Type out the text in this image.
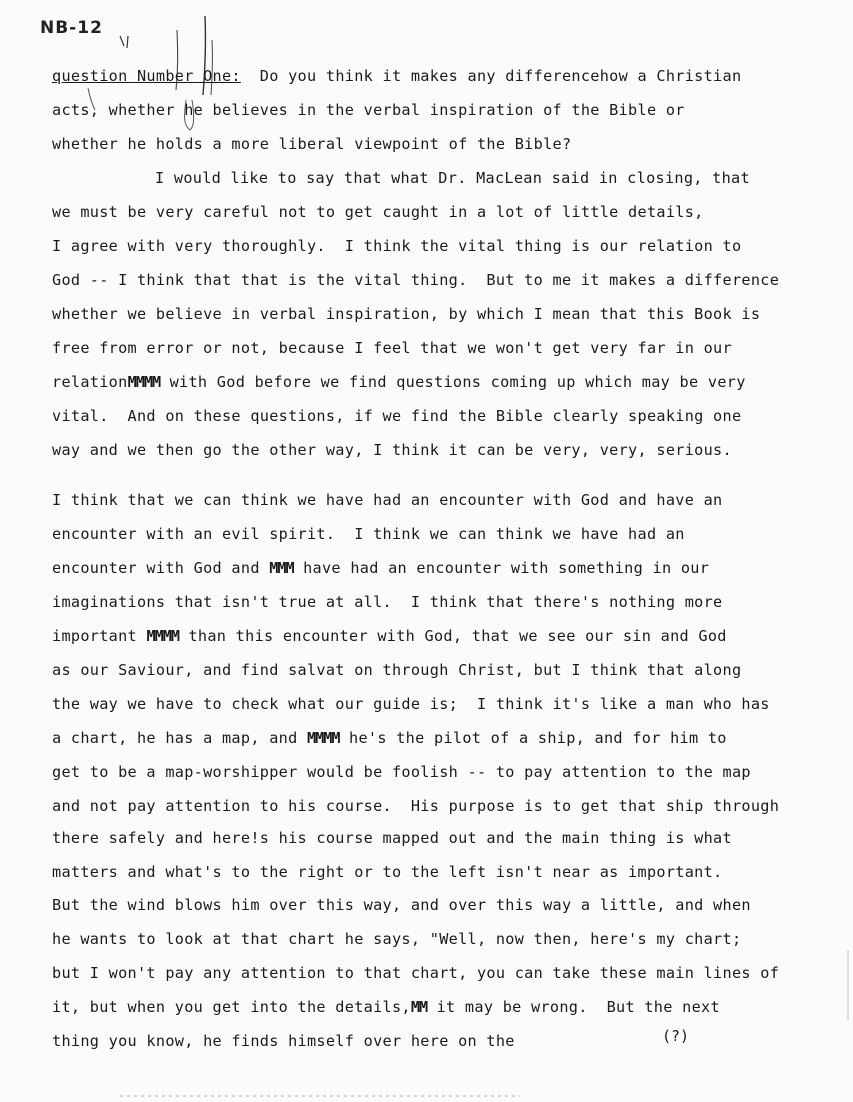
NB-12
question Number One: Do you think it makes any differencehow a Christian
acts, whether he believes in the verbal inspiration of the Bible or
whether he holds a more liberal viewpoint of the Bible?
I would like to say that what Dr. MacLean said in closing, that
we must be very careful not to get caught in a lot of little details,
I agree with very thoroughly.  I think the vital thing is our relation to
God -- I think that that is the vital thing.  But to me it makes a difference
whether we believe in verbal inspiration, by which I mean that this Book is
free from error or not, because I feel that we won't get very far in our
relationMMMM with God before we find questions coming up which may be very
vital.  And on these questions, if we find the Bible clearly speaking one
way and we then go the other way, I think it can be very, very, serious.
I think that we can think we have had an encounter with God and have an
encounter with an evil spirit.  I think we can think we have had an
encounter with God and MMM have had an encounter with something in our
imaginations that isn't true at all.  I think that there's nothing more
important MMMM than this encounter with God, that we see our sin and God
as our Saviour, and find salvat on through Christ, but I think that along
the way we have to check what our guide is;  I think it's like a man who has
a chart, he has a map, and MMMM he's the pilot of a ship, and for him to
get to be a map-worshipper would be foolish -- to pay attention to the map
and not pay attention to his course.  His purpose is to get that ship through
there safely and here!s his course mapped out and the main thing is what
matters and what's to the right or to the left isn't near as important.
But the wind blows him over this way, and over this way a little, and when
he wants to look at that chart he says, "Well, now then, here's my chart;
but I won't pay any attention to that chart, you can take these main lines of
it, but when you get into the details,MM it may be wrong.  But the next
thing you know, he finds himself over here on the	(?)
